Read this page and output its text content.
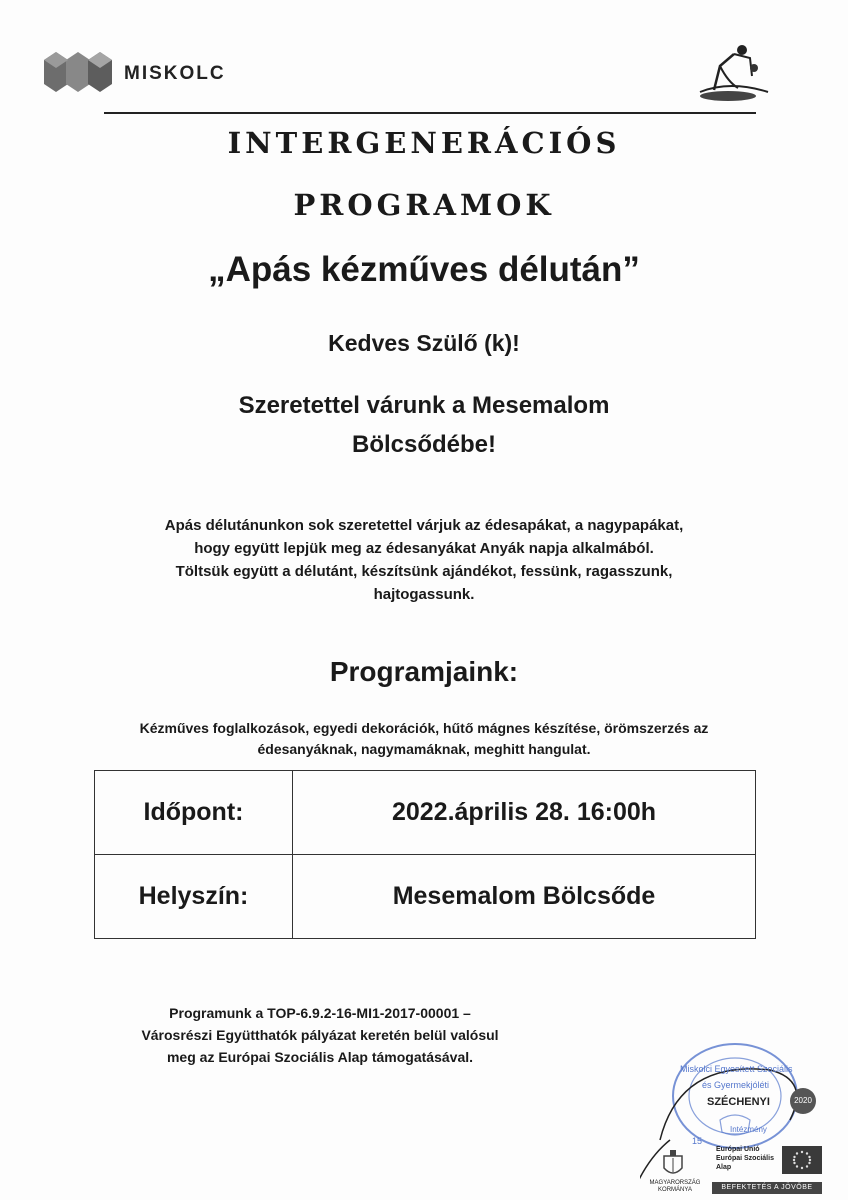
MISKOLC
INTERGENERÁCIÓS
PROGRAMOK
„Apás kézműves délután”
Kedves Szülő (k)!
Szeretettel várunk a Mesemalom
Bölcsődébe!
Apás délutánunkon sok szeretettel várjuk az édesapákat, a nagypapákat,
hogy együtt lepjük meg az édesanyákat Anyák napja alkalmából.
Töltsük együtt a délutánt, készítsünk ajándékot, fessünk, ragasszunk,
hajtogassunk.
Programjaink:
Kézműves foglalkozások, egyedi dekorációk, hűtő mágnes készítése, örömszerzés az
édesanyáknak, nagymamáknak, meghitt hangulat.
Időpont:	2022.április 28. 16:00h
Helyszín:	Mesemalom Bölcsőde
Programunk a TOP-6.9.2-16-MI1-2017-00001 –
Városrészi Együtthatók pályázat keretén belül valósul
meg az Európai Szociális Alap támogatásával.
Miskolci Egyesített Szociális
és Gyermekjóléti
Intézmény
15
SZÉCHENYI	2020
Európai Unió
Európai Szociális
Alap
MAGYARORSZÁG
KORMÁNYA	BEFEKTETÉS A JÖVŐBE
